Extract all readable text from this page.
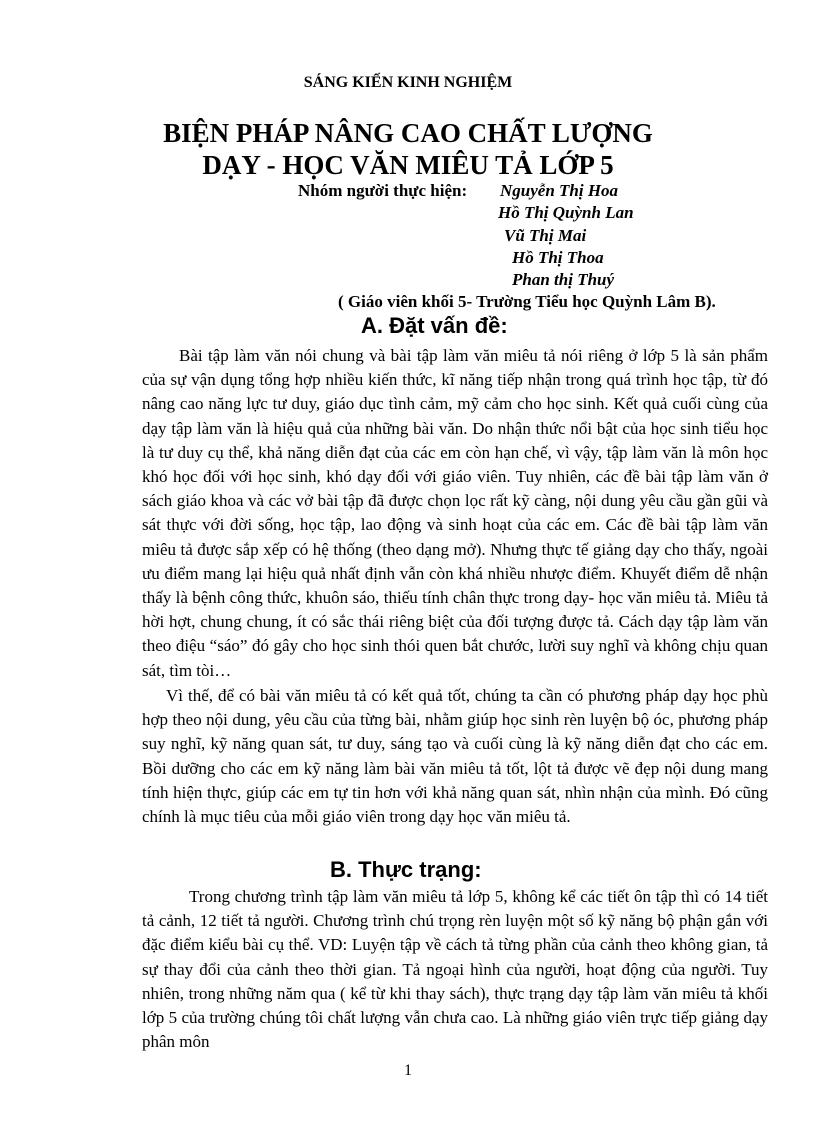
SÁNG KIẾN KINH NGHIỆM
BIỆN PHÁP NÂNG CAO CHẤT LƯỢNG
DẠY - HỌC VĂN MIÊU TẢ LỚP 5
Nhóm người thực hiện: Nguyễn Thị Hoa
Hồ Thị Quỳnh Lan
Vũ Thị Mai
Hồ Thị Thoa
Phan thị Thuý
( Giáo viên khối 5- Trường Tiểu học Quỳnh Lâm B).
A. Đặt vấn đề:
Bài tập làm văn nói chung và bài tập làm văn miêu tả nói riêng ở lớp 5 là sản phẩm của sự vận dụng tổng hợp nhiều kiến thức, kĩ năng tiếp nhận trong quá trình học tập, từ đó nâng cao năng lực tư duy, giáo dục tình cảm, mỹ cảm cho học sinh. Kết quả cuối cùng của dạy tập làm văn là hiệu quả của những bài văn. Do nhận thức nổi bật của học sinh tiểu học là tư duy cụ thể, khả năng diễn đạt của các em còn hạn chế, vì vậy, tập làm văn là môn học khó học đối với học sinh, khó dạy đối với giáo viên. Tuy nhiên, các đề bài tập làm văn ở sách giáo khoa và các vở bài tập đã được chọn lọc rất kỹ càng, nội dung yêu cầu gần gũi và sát thực với đời sống, học tập, lao động và sinh hoạt của các em. Các đề bài tập làm văn miêu tả được sắp xếp có hệ thống (theo dạng mở). Nhưng thực tế giảng dạy cho thấy, ngoài ưu điểm mang lại hiệu quả nhất định vẫn còn khá nhiều nhược điểm. Khuyết điểm dễ nhận thấy là bệnh công thức, khuôn sáo, thiếu tính chân thực trong dạy- học văn miêu tả. Miêu tả hời hợt, chung chung, ít có sắc thái riêng biệt của đối tượng được tả. Cách dạy tập làm văn theo điệu “sáo” đó gây cho học sinh thói quen bắt chước, lười suy nghĩ và không chịu quan sát, tìm tòi…
Vì thế, để có bài văn miêu tả có kết quả tốt, chúng ta cần có phương pháp dạy học phù hợp theo nội dung, yêu cầu của từng bài, nhằm giúp học sinh rèn luyện bộ óc, phương pháp suy nghĩ, kỹ năng quan sát, tư duy, sáng tạo và cuối cùng là kỹ năng diễn đạt cho các em. Bồi dưỡng cho các em kỹ năng làm bài văn miêu tả tốt, lột tả được vẽ đẹp nội dung mang tính hiện thực, giúp các em tự tin hơn với khả năng quan sát, nhìn nhận của mình. Đó cũng chính là mục tiêu của mỗi giáo viên trong dạy học văn miêu tả.
B. Thực trạng:
Trong chương trình tập làm văn miêu tả lớp 5, không kể các tiết ôn tập thì có 14 tiết tả cảnh, 12 tiết tả người. Chương trình chú trọng rèn luyện một số kỹ năng bộ phận gắn với đặc điểm kiểu bài cụ thể. VD: Luyện tập về cách tả từng phần của cảnh theo không gian, tả sự thay đổi của cảnh theo thời gian. Tả ngoại hình của người, hoạt động của người. Tuy nhiên, trong những năm qua ( kể từ khi thay sách), thực trạng dạy tập làm văn miêu tả khối lớp 5 của trường chúng tôi chất lượng vẫn chưa cao. Là những giáo viên trực tiếp giảng dạy phân môn
1
